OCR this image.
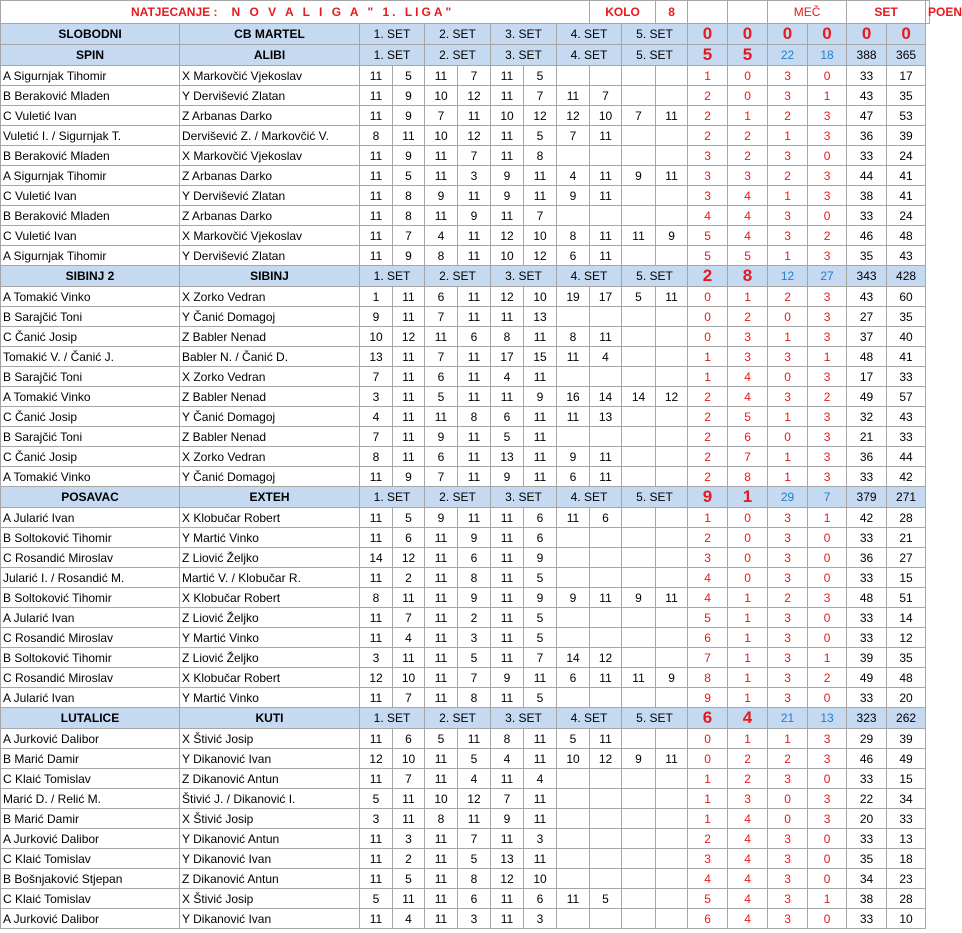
NATJECANJE : N O V A L I G A " 1. LIGA"									KOLO		8			MEČ		SET		POEN
SLOBODNI	CB MARTEL	1. SET		2. SET		3. SET		4. SET		5. SET		0	0	0	0	0	0	
SPIN	ALIBI	1. SET		2. SET		3. SET		4. SET		5. SET		5	5	22	18	388	365	
A Sigurnjak Tihomir	X Markovčić Vjekoslav	11	5	11	7	11	5					1	0	3	0	33	17	
B Beraković Mladen	Y Dervišević Zlatan	11	9	10	12	11	7	11	7			2	0	3	1	43	35	
C Vuletić Ivan	Z Arbanas Darko	11	9	7	11	10	12	12	10	7	11	2	1	2	3	47	53	
Vuletić I. / Sigurnjak T.	Dervišević Z. / Markovčić V.	8	11	10	12	11	5	7	11			2	2	1	3	36	39	
B Beraković Mladen	X Markovčić Vjekoslav	11	9	11	7	11	8					3	2	3	0	33	24	
A Sigurnjak Tihomir	Z Arbanas Darko	11	5	11	3	9	11	4	11	9	11	3	3	2	3	44	41	
C Vuletić Ivan	Y Dervišević Zlatan	11	8	9	11	9	11	9	11			3	4	1	3	38	41	
B Beraković Mladen	Z Arbanas Darko	11	8	11	9	11	7					4	4	3	0	33	24	
C Vuletić Ivan	X Markovčić Vjekoslav	11	7	4	11	12	10	8	11	11	9	5	4	3	2	46	48	
A Sigurnjak Tihomir	Y Dervišević Zlatan	11	9	8	11	10	12	6	11			5	5	1	3	35	43	
SIBINJ 2	SIBINJ	1. SET		2. SET		3. SET		4. SET		5. SET		2	8	12	27	343	428	
A Tomakić Vinko	X Zorko Vedran	1	11	6	11	12	10	19	17	5	11	0	1	2	3	43	60	
B Sarajčić Toni	Y Čanić Domagoj	9	11	7	11	11	13					0	2	0	3	27	35	
C Čanić Josip	Z Babler Nenad	10	12	11	6	8	11	8	11			0	3	1	3	37	40	
Tomakić V. / Čanić J.	Babler N. / Čanić D.	13	11	7	11	17	15	11	4			1	3	3	1	48	41	
B Sarajčić Toni	X Zorko Vedran	7	11	6	11	4	11					1	4	0	3	17	33	
A Tomakić Vinko	Z Babler Nenad	3	11	5	11	11	9	16	14	14	12	2	4	3	2	49	57	
C Čanić Josip	Y Čanić Domagoj	4	11	11	8	6	11	11	13			2	5	1	3	32	43	
B Sarajčić Toni	Z Babler Nenad	7	11	9	11	5	11					2	6	0	3	21	33	
C Čanić Josip	X Zorko Vedran	8	11	6	11	13	11	9	11			2	7	1	3	36	44	
A Tomakić Vinko	Y Čanić Domagoj	11	9	7	11	9	11	6	11			2	8	1	3	33	42	
POSAVAC	EXTEH	1. SET		2. SET		3. SET		4. SET		5. SET		9	1	29	7	379	271	
A Jularić Ivan	X Klobučar Robert	11	5	9	11	11	6	11	6			1	0	3	1	42	28	
B Soltoković Tihomir	Y Martić Vinko	11	6	11	9	11	6					2	0	3	0	33	21	
C Rosandić Miroslav	Z Liović Željko	14	12	11	6	11	9					3	0	3	0	36	27	
Jularić I. / Rosandić M.	Martić V. / Klobučar R.	11	2	11	8	11	5					4	0	3	0	33	15	
B Soltoković Tihomir	X Klobučar Robert	8	11	11	9	11	9	9	11	9	11	4	1	2	3	48	51	
A Jularić Ivan	Z Liović Željko	11	7	11	2	11	5					5	1	3	0	33	14	
C Rosandić Miroslav	Y Martić Vinko	11	4	11	3	11	5					6	1	3	0	33	12	
B Soltoković Tihomir	Z Liović Željko	3	11	11	5	11	7	14	12			7	1	3	1	39	35	
C Rosandić Miroslav	X Klobučar Robert	12	10	11	7	9	11	6	11	11	9	8	1	3	2	49	48	
A Jularić Ivan	Y Martić Vinko	11	7	11	8	11	5					9	1	3	0	33	20	
LUTALICE	KUTI	1. SET		2. SET		3. SET		4. SET		5. SET		6	4	21	13	323	262	
A Jurković Dalibor	X Štivić Josip	11	6	5	11	8	11	5	11			0	1	1	3	29	39	
B Marić Damir	Y Dikanović Ivan	12	10	11	5	4	11	10	12	9	11	0	2	2	3	46	49	
C Klaić Tomislav	Z Dikanović Antun	11	7	11	4	11	4					1	2	3	0	33	15	
Marić D. / Relić M.	Štivić J. / Dikanović I.	5	11	10	12	7	11					1	3	0	3	22	34	
B Marić Damir	X Štivić Josip	3	11	8	11	9	11					1	4	0	3	20	33	
A Jurković Dalibor	Y Dikanović Antun	11	3	11	7	11	3					2	4	3	0	33	13	
C Klaić Tomislav	Y Dikanović Ivan	11	2	11	5	13	11					3	4	3	0	35	18	
B Bošnjaković Stjepan	Z Dikanović Antun	11	5	11	8	12	10					4	4	3	0	34	23	
C Klaić Tomislav	X Štivić Josip	5	11	11	6	11	6	11	5			5	4	3	1	38	28	
A Jurković Dalibor	Y Dikanović Ivan	11	4	11	3	11	3					6	4	3	0	33	10	
